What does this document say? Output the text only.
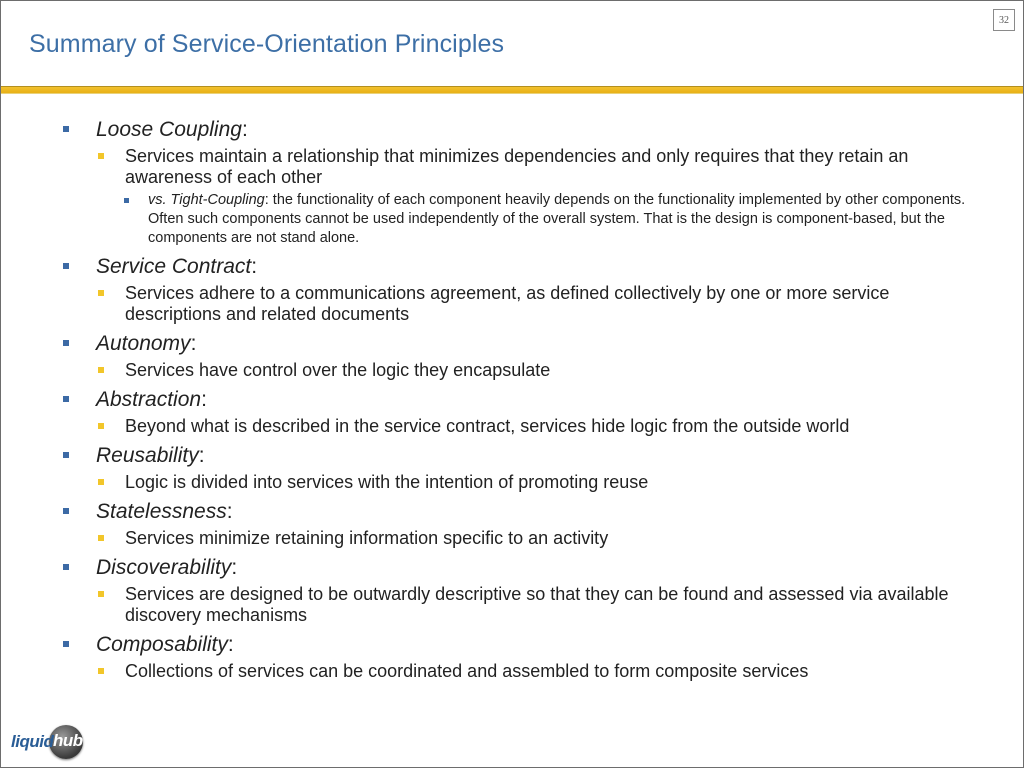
Summary of Service-Orientation Principles
32
Loose Coupling:
Services maintain a relationship that minimizes dependencies and only requires that they retain an awareness of each other
vs. Tight-Coupling: the functionality of each component heavily depends on the functionality implemented by other components. Often such components cannot be used independently of the overall system. That is the design is component-based, but the components are not stand alone.
Service Contract:
Services adhere to a communications agreement, as defined collectively by one or more service descriptions and related documents
Autonomy:
Services have control over the logic they encapsulate
Abstraction:
Beyond what is described in the service contract, services hide logic from the outside world
Reusability:
Logic is divided into services with the intention of promoting reuse
Statelessness:
Services minimize retaining information specific to an activity
Discoverability:
Services are designed to be outwardly descriptive so that they can be found and assessed via available discovery mechanisms
Composability:
Collections of services can be coordinated and assembled to form composite services
liquid hub
